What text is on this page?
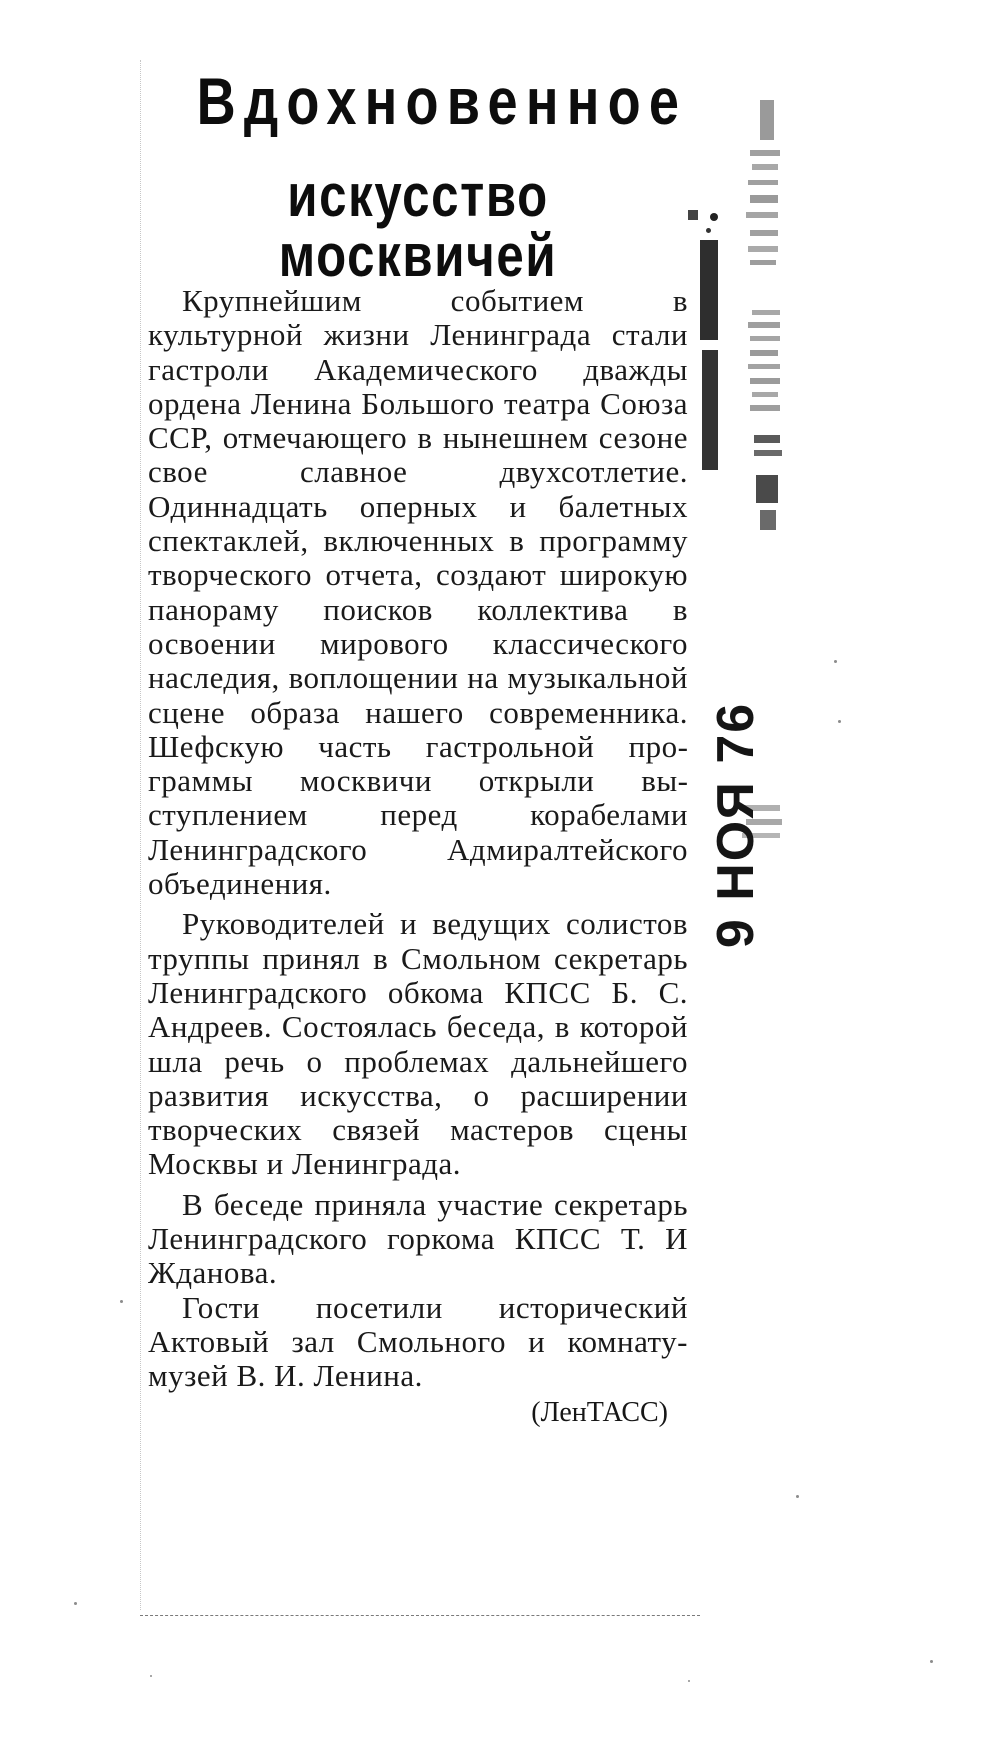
Вдохновенное
искусство москвичей

Крупнейшим событием в культурной жизни Ленинграда стали гастроли Академического дважды ордена Ленина Большого театра Союза ССР, отмечающего в нынешнем сезоне свое славное двухсотлетие. Одиннадцать оперных и балетных спектаклей, включенных в программу творческого отчета, создают широкую панораму поисков коллектива в освоении мирового классического наследия, воплощении на музыкальной сцене образа нашего современника. Шефскую часть гастрольной программы москвичи открыли выступлением перед корабелами Ленинградского Адмиралтейского объединения.

Руководителей и ведущих солистов труппы принял в Смольном секретарь Ленинградского обкома КПСС Б. С. Андреев. Состоялась беседа, в которой шла речь о проблемах дальнейшего развития искусства, о расширении творческих связей мастеров сцены Москвы и Ленинграда.

В беседе приняла участие секретарь Ленинградского горкома КПСС Т. И Жданова.

Гости посетили исторический Актовый зал Смольного и комнату-музей В. И. Ленина.

(ЛенТАСС)
9 НОЯ 76
